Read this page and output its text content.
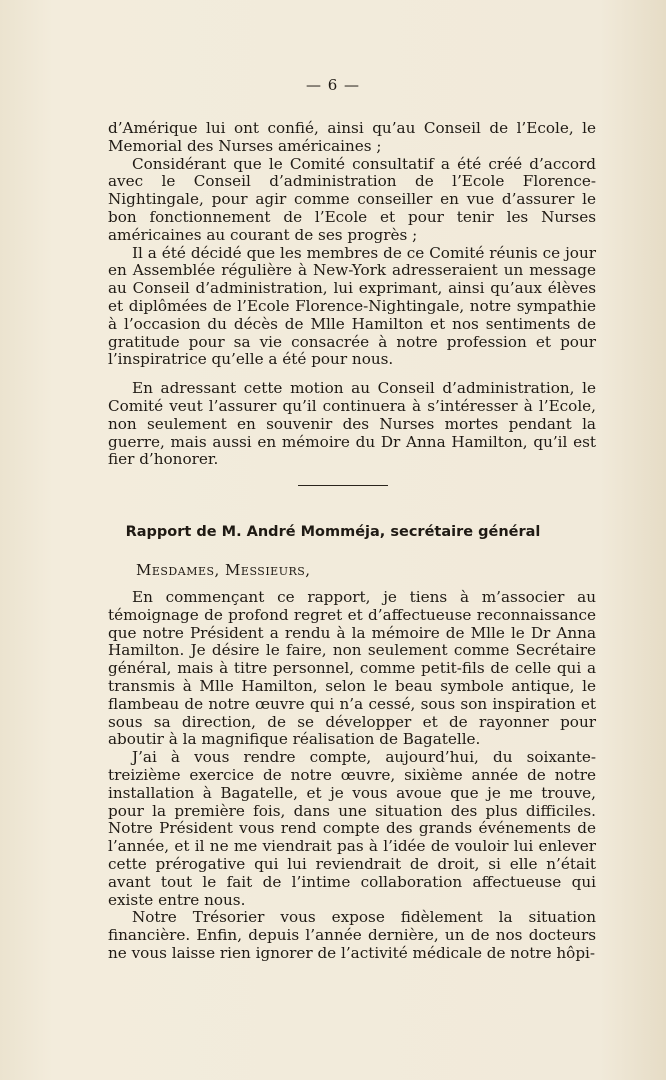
— 6 —

d’Amérique lui ont confié, ainsi qu’au Conseil de l’Ecole, le Memorial des Nurses américaines ;

Considérant que le Comité consultatif a été créé d’accord avec le Conseil d’administration de l’Ecole Florence-Nightingale, pour agir comme conseiller en vue d’assurer le bon fonctionnement de l’Ecole et pour tenir les Nurses américaines au courant de ses progrès ;

Il a été décidé que les membres de ce Comité réunis ce jour en Assemblée régulière à New-York adresseraient un message au Conseil d’administration, lui exprimant, ainsi qu’aux élèves et diplômées de l’Ecole Florence-Nightingale, notre sympathie à l’occasion du décès de Mlle Hamilton et nos sentiments de gratitude pour sa vie consacrée à notre profession et pour l’inspiratrice qu’elle a été pour nous.

En adressant cette motion au Conseil d’administration, le Comité veut l’assurer qu’il continuera à s’intéresser à l’Ecole, non seulement en souvenir des Nurses mortes pendant la guerre, mais aussi en mémoire du Dr Anna Hamilton, qu’il est fier d’honorer.

Rapport de M. André Momméja, secrétaire général
Mesdames, Messieurs,

En commençant ce rapport, je tiens à m’associer au témoignage de profond regret et d’affectueuse reconnaissance que notre Président a rendu à la mémoire de Mlle le Dr Anna Hamilton. Je désire le faire, non seulement comme Secrétaire général, mais à titre personnel, comme petit-fils de celle qui a transmis à Mlle Hamilton, selon le beau symbole antique, le flambeau de notre œuvre qui n’a cessé, sous son inspiration et sous sa direction, de se développer et de rayonner pour aboutir à la magnifique réalisation de Bagatelle.

J’ai à vous rendre compte, aujourd’hui, du soixante-treizième exercice de notre œuvre, sixième année de notre installation à Bagatelle, et je vous avoue que je me trouve, pour la première fois, dans une situation des plus difficiles. Notre Président vous rend compte des grands événements de l’année, et il ne me viendrait pas à l’idée de vouloir lui enlever cette prérogative qui lui reviendrait de droit, si elle n’était avant tout le fait de l’intime collaboration affectueuse qui existe entre nous.

Notre Trésorier vous expose fidèlement la situation financière. Enfin, depuis l’année dernière, un de nos docteurs ne vous laisse rien ignorer de l’activité médicale de notre hôpi-
